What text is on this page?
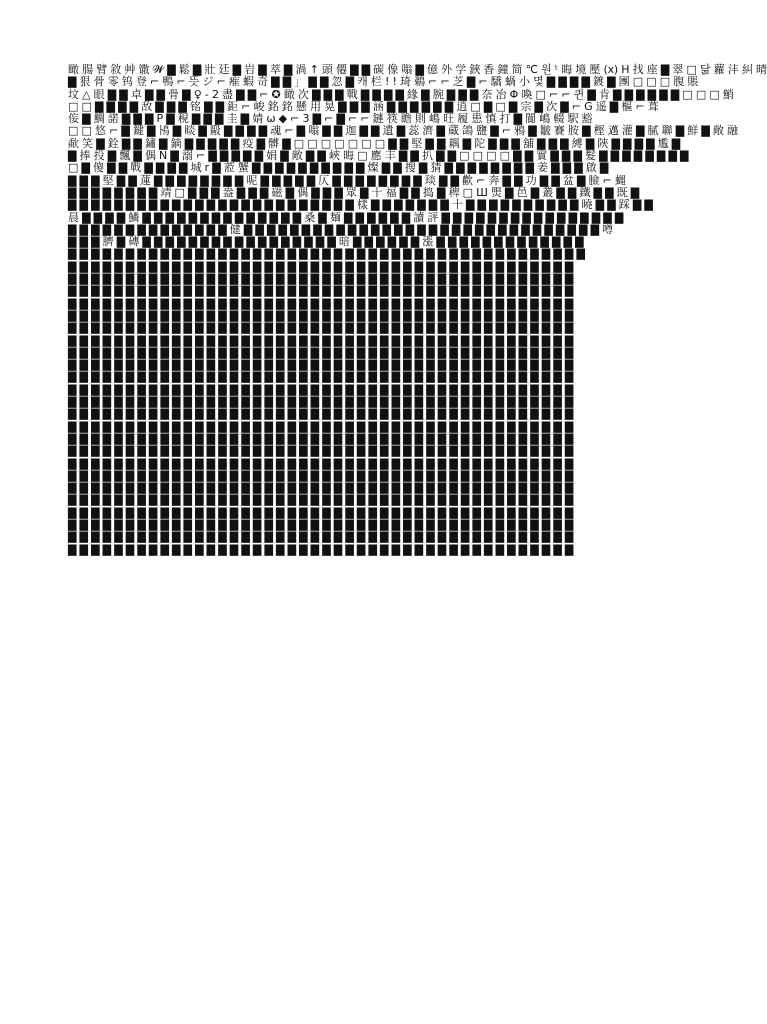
瞰 腸 臂 敘 艸 馓 𝓦 ▇ 鬆 ▇ 壯 廷 ▇ 岩 ▇ 萃 ▇ 渦 ↑ 頭 僊 ▇ ▇ 碳 像 嗡 ▇ 億 外 学 鋏 香 鐘 简 ℃ 원 ᵗ 晦 境 壓 (x) H 找 座 ▇ 翠 □ 닮 蘿 沣 糾 晴
▇ 狠 骨 零 钨 登 ⌐ 鴨 ⌐ 뜻 ジ ⌐ 痽 蝦 奇 ▇ ▇ 」 ▇ ▇ 忽 ▇ 캐 栏 ! ! 琦 鵜 ⌐ ⌐ 芝 ▇ ⌐ 驕 蝸 小 몇 ▇ ▇ ▇ ▇ 鍍 ▇ 團 □ □ □ 腹 賬
坟 △ 眼 ▇ ▇ 卓 ▇ ▇ 骨 ▇ ♀ - 2 盡 ▇ ▇ ⌐ ✪ 瞰 次 ▇ ▇ ▇ 戰 ▇ ▇ ▇ ▇ 緣 ▇ 腕 ▇ ▇ ▇ 奈 冶 Φ 喚 □ ⌐ ⌐ 퀸 ▇ 肯 ▇ ▇ ▇ ▇ ▇ ▇ □ □ □ 鮹
□ □ ▇ ▇ ▇ ▇ 敌 ▇ ▇ ▇ 铭 ▇ ▇ 鉅 ⌐ 峻 銘 銘 懸 用 晃 ▇ ▇ ▇ 涵 ▇ ▇ ▇ ▇ ▇ ▇ 逍 □ ▇ □ ▇ 宗 ▇ 次 ▇ ⌐ G 遥 ▇ 樞 ⌐ 葺
侫 ▇ 鯛 諾 ▇ ▇ ▇ P ▇ 䅐 ▇ ▇ ▇ 圭 ▇ 婧 ω ◆ ⌐ 3 ▇ ⌐ ▇ ⌐ ⌐ 鏈 筷 瞻 則 嶋 旺 履 患 慎 打 ▇ 閬 嶋 輟 駅 豁
□ □ 悠 ⌐ ▇ 鍵 ▇ 鳪 ▇ 睒 ▇ 毆 ▇ ▇ ▇ ▇ 魂 ⌐ ▇ 嗡 ▇ ▇ 迦 ▇ ▇ 遺 ▇ 蕊 濟 ▇ 蔵 鴿 鹽 ▇ ⌐ 鴉 ▇ 皺 賽 胺 ▇ 樫 邁 灌 ▇ 膩 聯 ▇ 鮮 ▇ 敞 融
歃 笑 ▇ 銓 ▇ ▇ 鏽 ▇ 鏑 ▇ ▇ ▇ ▇ ▇ 疫 ▇ 髒 ▇ □ □ □ □ □ □ □ ▇ ▇ 堅 ▇ ▇ 耦 ▇ 陀 ▇ ▇ ▇ 舖 ▇ ▇ ▇ 縛 ▇ 陜 ▇ ▇ ▇ ▇ 尷 ▇
▇ 捧 投 ▇ 飄 ▇ 偶 N ▇ 溺 ⌐ ▇ ▇ ▇ ▇ ▇ 娟 ▇ 敞 ▇ ▇ 峽 晦 □ 應 丰 ▇ ▇ 扒 ▇ ▇ □ □ □ □ ▇ ▇ 實 ▇ ▇ ▇ 髮 ▇ ▇ ▇ ▇ ▇ ▇ ▇ ▇
□ ▇ 傻 ▇ ▇ 戰 ▇ ▇ ▇ ▇ 城 r ▇ 蒞 蟹 ▇ ▇ ▇ ▇ ▇ ▇ ▇ ▇ ▇ ▇ 燦 ▇ ▇ 搜 ▇ 猜 ▇ ▇ ▇ ▇ ▇ ▇ ▇ ▇ 姜 ▇ ▇ ▇ 啟 ▇
▇ ▇ ▇ 堅 ▇ ▇ 蓮 ▇ ▇ ▇ ▇ ▇ ▇ ▇ ▇ 呢 ▇ ▇ ▇ ▇ ▇ 仄 ▇ ▇ ▇ ▇ ▇ ▇ ▇ ▇ 琰 ▇ ▇ 歡 ⌐ 奔 ▇ ▇ 功 ▇ ▇ 盆 ▇ 臉 ⌐ 蝿
▇ ▇ ▇ ▇ ▇ ▇ ▇ ▇ 靖 □ ▇ ▇ ▇ 盎 ▇ ▇ ▇ 磁 ▇ 偶 ▇ ▇ ▇ 眾 ▇ 十 福 ▇ ▇ 捣 ▇ 稗 □ Ш 煚 ▇ 邑 ▇ 叢 ▇ ▇ 鐵 ▇ ▇ 既 ▇
▇ ▇ ▇ ▇ ▇ ▇ ▇ ▇ ▇ ▇ ▇ ▇ ▇ ▇ ▇ ▇ ▇ ▇ ▇ ▇ ▇ ▇ ▇ ▇ ▇ 樣 ▇ ▇ ▇ ▇ ▇ ▇ ▇ 十 ▇ ▇ ▇ ▇ ▇ ▇ ▇ ▇ ▇ ▇ 曉 ▇ ▇ 踩 ▇ ▇
晨 ▇ ▇ ▇ ▇ 鱗 ▇ ▇ ▇ ▇ ▇ ▇ ▇ ▇ ▇ ▇ ▇ ▇ ▇ ▇ 桑 ▇ 麺 ▇ ▇ ▇ ▇ ▇ ▇ 讀 評 ▇ ▇ ▇ ▇ ▇ ▇ ▇ ▇ ▇ ▇ ▇ ▇ ▇ ▇ ▇ ▇
▇ ▇ ▇ ▇ ▇ ▇ ▇ ▇ ▇ ▇ ▇ ▇ ▇ ▇ 健 ▇ ▇ ▇ ▇ ▇ ▇ ▇ ▇ ▇ ▇ ▇ ▇ ▇ ▇ ▇ ▇ ▇ ▇ ▇ ▇ ▇ ▇ ▇ ▇ ▇ ▇ ▇ ▇ ▇ ▇ ▇ 噂
▇ ▇ ▇ 臍 ▇ 磚 ▇ ▇ ▇ ▇ ▇ ▇ ▇ ▇ ▇ ▇ ▇ ▇ ▇ ▇ ▇ ▇ ▇ 暗 ▇ ▇ ▇ ▇ ▇ ▇ 漲 ▇ ▇ ▇ ▇ ▇ ▇ ▇ ▇ ▇ ▇ ▇ ▇ ▇
▇ ▇ ▇ ▇ ▇ ▇ ▇ ▇ ▇ ▇ ▇ ▇ ▇ ▇ ▇ ▇ ▇ ▇ ▇ ▇ ▇ ▇ ▇ ▇ ▇ ▇ ▇ ▇ ▇ ▇ ▇ ▇ ▇ ▇ ▇ ▇ ▇ ▇ ▇ ▇ ▇ ▇ ▇ ▇ ▇
▇ ▇ ▇ ▇ ▇ ▇ ▇ ▇ ▇ ▇ ▇ ▇ ▇ ▇ ▇ ▇ ▇ ▇ ▇ ▇ ▇ ▇ ▇ ▇ ▇ ▇ ▇ ▇ ▇ ▇ ▇ ▇ ▇ ▇ ▇ ▇ ▇ ▇ ▇ ▇ ▇ ▇ ▇ ▇
▇ ▇ ▇ ▇ ▇ ▇ ▇ ▇ ▇ ▇ ▇ ▇ ▇ ▇ ▇ ▇ ▇ ▇ ▇ ▇ ▇ ▇ ▇ ▇ ▇ ▇ ▇ ▇ ▇ ▇ ▇ ▇ ▇ ▇ ▇ ▇ ▇ ▇ ▇ ▇ ▇ ▇ ▇ ▇
▇ ▇ ▇ ▇ ▇ ▇ ▇ ▇ ▇ ▇ ▇ ▇ ▇ ▇ ▇ ▇ ▇ ▇ ▇ ▇ ▇ ▇ ▇ ▇ ▇ ▇ ▇ ▇ ▇ ▇ ▇ ▇ ▇ ▇ ▇ ▇ ▇ ▇ ▇ ▇ ▇ ▇ ▇ ▇
▇ ▇ ▇ ▇ ▇ ▇ ▇ ▇ ▇ ▇ ▇ ▇ ▇ ▇ ▇ ▇ ▇ ▇ ▇ ▇ ▇ ▇ ▇ ▇ ▇ ▇ ▇ ▇ ▇ ▇ ▇ ▇ ▇ ▇ ▇ ▇ ▇ ▇ ▇ ▇ ▇ ▇ ▇ ▇
▇ ▇ ▇ ▇ ▇ ▇ ▇ ▇ ▇ ▇ ▇ ▇ ▇ ▇ ▇ ▇ ▇ ▇ ▇ ▇ ▇ ▇ ▇ ▇ ▇ ▇ ▇ ▇ ▇ ▇ ▇ ▇ ▇ ▇ ▇ ▇ ▇ ▇ ▇ ▇ ▇ ▇ ▇ ▇
▇ ▇ ▇ ▇ ▇ ▇ ▇ ▇ ▇ ▇ ▇ ▇ ▇ ▇ ▇ ▇ ▇ ▇ ▇ ▇ ▇ ▇ ▇ ▇ ▇ ▇ ▇ ▇ ▇ ▇ ▇ ▇ ▇ ▇ ▇ ▇ ▇ ▇ ▇ ▇ ▇ ▇ ▇ ▇
▇ ▇ ▇ ▇ ▇ ▇ ▇ ▇ ▇ ▇ ▇ ▇ ▇ ▇ ▇ ▇ ▇ ▇ ▇ ▇ ▇ ▇ ▇ ▇ ▇ ▇ ▇ ▇ ▇ ▇ ▇ ▇ ▇ ▇ ▇ ▇ ▇ ▇ ▇ ▇ ▇ ▇ ▇ ▇
▇ ▇ ▇ ▇ ▇ ▇ ▇ ▇ ▇ ▇ ▇ ▇ ▇ ▇ ▇ ▇ ▇ ▇ ▇ ▇ ▇ ▇ ▇ ▇ ▇ ▇ ▇ ▇ ▇ ▇ ▇ ▇ ▇ ▇ ▇ ▇ ▇ ▇ ▇ ▇ ▇ ▇ ▇ ▇
▇ ▇ ▇ ▇ ▇ ▇ ▇ ▇ ▇ ▇ ▇ ▇ ▇ ▇ ▇ ▇ ▇ ▇ ▇ ▇ ▇ ▇ ▇ ▇ ▇ ▇ ▇ ▇ ▇ ▇ ▇ ▇ ▇ ▇ ▇ ▇ ▇ ▇ ▇ ▇ ▇ ▇ ▇ ▇
▇ ▇ ▇ ▇ ▇ ▇ ▇ ▇ ▇ ▇ ▇ ▇ ▇ ▇ ▇ ▇ ▇ ▇ ▇ ▇ ▇ ▇ ▇ ▇ ▇ ▇ ▇ ▇ ▇ ▇ ▇ ▇ ▇ ▇ ▇ ▇ ▇ ▇ ▇ ▇ ▇ ▇ ▇ ▇
▇ ▇ ▇ ▇ ▇ ▇ ▇ ▇ ▇ ▇ ▇ ▇ ▇ ▇ ▇ ▇ ▇ ▇ ▇ ▇ ▇ ▇ ▇ ▇ ▇ ▇ ▇ ▇ ▇ ▇ ▇ ▇ ▇ ▇ ▇ ▇ ▇ ▇ ▇ ▇ ▇ ▇ ▇ ▇
▇ ▇ ▇ ▇ ▇ ▇ ▇ ▇ ▇ ▇ ▇ ▇ ▇ ▇ ▇ ▇ ▇ ▇ ▇ ▇ ▇ ▇ ▇ ▇ ▇ ▇ ▇ ▇ ▇ ▇ ▇ ▇ ▇ ▇ ▇ ▇ ▇ ▇ ▇ ▇ ▇ ▇ ▇ ▇
▇ ▇ ▇ ▇ ▇ ▇ ▇ ▇ ▇ ▇ ▇ ▇ ▇ ▇ ▇ ▇ ▇ ▇ ▇ ▇ ▇ ▇ ▇ ▇ ▇ ▇ ▇ ▇ ▇ ▇ ▇ ▇ ▇ ▇ ▇ ▇ ▇ ▇ ▇ ▇ ▇ ▇ ▇ ▇
▇ ▇ ▇ ▇ ▇ ▇ ▇ ▇ ▇ ▇ ▇ ▇ ▇ ▇ ▇ ▇ ▇ ▇ ▇ ▇ ▇ ▇ ▇ ▇ ▇ ▇ ▇ ▇ ▇ ▇ ▇ ▇ ▇ ▇ ▇ ▇ ▇ ▇ ▇ ▇ ▇ ▇ ▇ ▇
▇ ▇ ▇ ▇ ▇ ▇ ▇ ▇ ▇ ▇ ▇ ▇ ▇ ▇ ▇ ▇ ▇ ▇ ▇ ▇ ▇ ▇ ▇ ▇ ▇ ▇ ▇ ▇ ▇ ▇ ▇ ▇ ▇ ▇ ▇ ▇ ▇ ▇ ▇ ▇ ▇ ▇ ▇ ▇
▇ ▇ ▇ ▇ ▇ ▇ ▇ ▇ ▇ ▇ ▇ ▇ ▇ ▇ ▇ ▇ ▇ ▇ ▇ ▇ ▇ ▇ ▇ ▇ ▇ ▇ ▇ ▇ ▇ ▇ ▇ ▇ ▇ ▇ ▇ ▇ ▇ ▇ ▇ ▇ ▇ ▇ ▇ ▇
▇ ▇ ▇ ▇ ▇ ▇ ▇ ▇ ▇ ▇ ▇ ▇ ▇ ▇ ▇ ▇ ▇ ▇ ▇ ▇ ▇ ▇ ▇ ▇ ▇ ▇ ▇ ▇ ▇ ▇ ▇ ▇ ▇ ▇ ▇ ▇ ▇ ▇ ▇ ▇ ▇ ▇ ▇ ▇
▇ ▇ ▇ ▇ ▇ ▇ ▇ ▇ ▇ ▇ ▇ ▇ ▇ ▇ ▇ ▇ ▇ ▇ ▇ ▇ ▇ ▇ ▇ ▇ ▇ ▇ ▇ ▇ ▇ ▇ ▇ ▇ ▇ ▇ ▇ ▇ ▇ ▇ ▇ ▇ ▇ ▇ ▇ ▇
▇ ▇ ▇ ▇ ▇ ▇ ▇ ▇ ▇ ▇ ▇ ▇ ▇ ▇ ▇ ▇ ▇ ▇ ▇ ▇ ▇ ▇ ▇ ▇ ▇ ▇ ▇ ▇ ▇ ▇ ▇ ▇ ▇ ▇ ▇ ▇ ▇ ▇ ▇ ▇ ▇ ▇ ▇ ▇
▇ ▇ ▇ ▇ ▇ ▇ ▇ ▇ ▇ ▇ ▇ ▇ ▇ ▇ ▇ ▇ ▇ ▇ ▇ ▇ ▇ ▇ ▇ ▇ ▇ ▇ ▇ ▇ ▇ ▇ ▇ ▇ ▇ ▇ ▇ ▇ ▇ ▇ ▇ ▇ ▇ ▇ ▇ ▇
▇ ▇ ▇ ▇ ▇ ▇ ▇ ▇ ▇ ▇ ▇ ▇ ▇ ▇ ▇ ▇ ▇ ▇ ▇ ▇ ▇ ▇ ▇ ▇ ▇ ▇ ▇ ▇ ▇ ▇ ▇ ▇ ▇ ▇ ▇ ▇ ▇ ▇ ▇ ▇ ▇ ▇ ▇ ▇
▇ ▇ ▇ ▇ ▇ ▇ ▇ ▇ ▇ ▇ ▇ ▇ ▇ ▇ ▇ ▇ ▇ ▇ ▇ ▇ ▇ ▇ ▇ ▇ ▇ ▇ ▇ ▇ ▇ ▇ ▇ ▇ ▇ ▇ ▇ ▇ ▇ ▇ ▇ ▇ ▇ ▇ ▇ ▇
▇ ▇ ▇ ▇ ▇ ▇ ▇ ▇ ▇ ▇ ▇ ▇ ▇ ▇ ▇ ▇ ▇ ▇ ▇ ▇ ▇ ▇ ▇ ▇ ▇ ▇ ▇ ▇ ▇ ▇ ▇ ▇ ▇ ▇ ▇ ▇ ▇ ▇ ▇ ▇ ▇ ▇ ▇ ▇
▇ ▇ ▇ ▇ ▇ ▇ ▇ ▇ ▇ ▇ ▇ ▇ ▇ ▇ ▇ ▇ ▇ ▇ ▇ ▇ ▇ ▇ ▇ ▇ ▇ ▇ ▇ ▇ ▇ ▇ ▇ ▇ ▇ ▇ ▇ ▇ ▇ ▇ ▇ ▇ ▇ ▇ ▇ ▇
